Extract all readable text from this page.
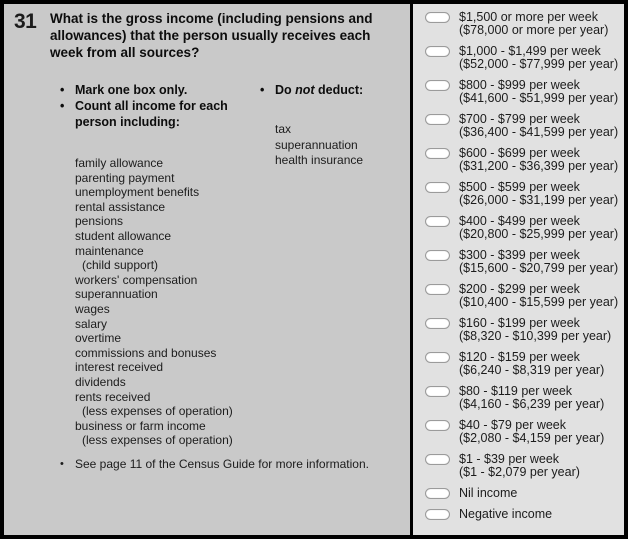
31	What is the gross income (including pensions and allowances) that the person usually receives each week from all sources?
• Mark one box only.
• Count all income for each person including:
family allowance
parenting payment
unemployment benefits
rental assistance
pensions
student allowance
maintenance
(child support)
workers' compensation
superannuation
wages
salary
overtime
commissions and bonuses
interest received
dividends
rents received
(less expenses of operation)
business or farm income
(less expenses of operation)
• Do not deduct:
tax
superannuation
health insurance
• See page 11 of the Census Guide for more information.
$1,500 or more per week
($78,000 or more per year)
$1,000 - $1,499 per week
($52,000 - $77,999 per year)
$800 - $999 per week
($41,600 - $51,999 per year)
$700 - $799 per week
($36,400 - $41,599 per year)
$600 - $699 per week
($31,200 - $36,399 per year)
$500 - $599 per week
($26,000 - $31,199 per year)
$400 - $499 per week
($20,800 - $25,999 per year)
$300 - $399 per week
($15,600 - $20,799 per year)
$200 - $299 per week
($10,400 - $15,599 per year)
$160 - $199 per week
($8,320 - $10,399 per year)
$120 - $159 per week
($6,240 - $8,319 per year)
$80 - $119 per week
($4,160 - $6,239 per year)
$40 - $79 per week
($2,080 - $4,159 per year)
$1 - $39 per week
($1 - $2,079 per year)
Nil income
Negative income
